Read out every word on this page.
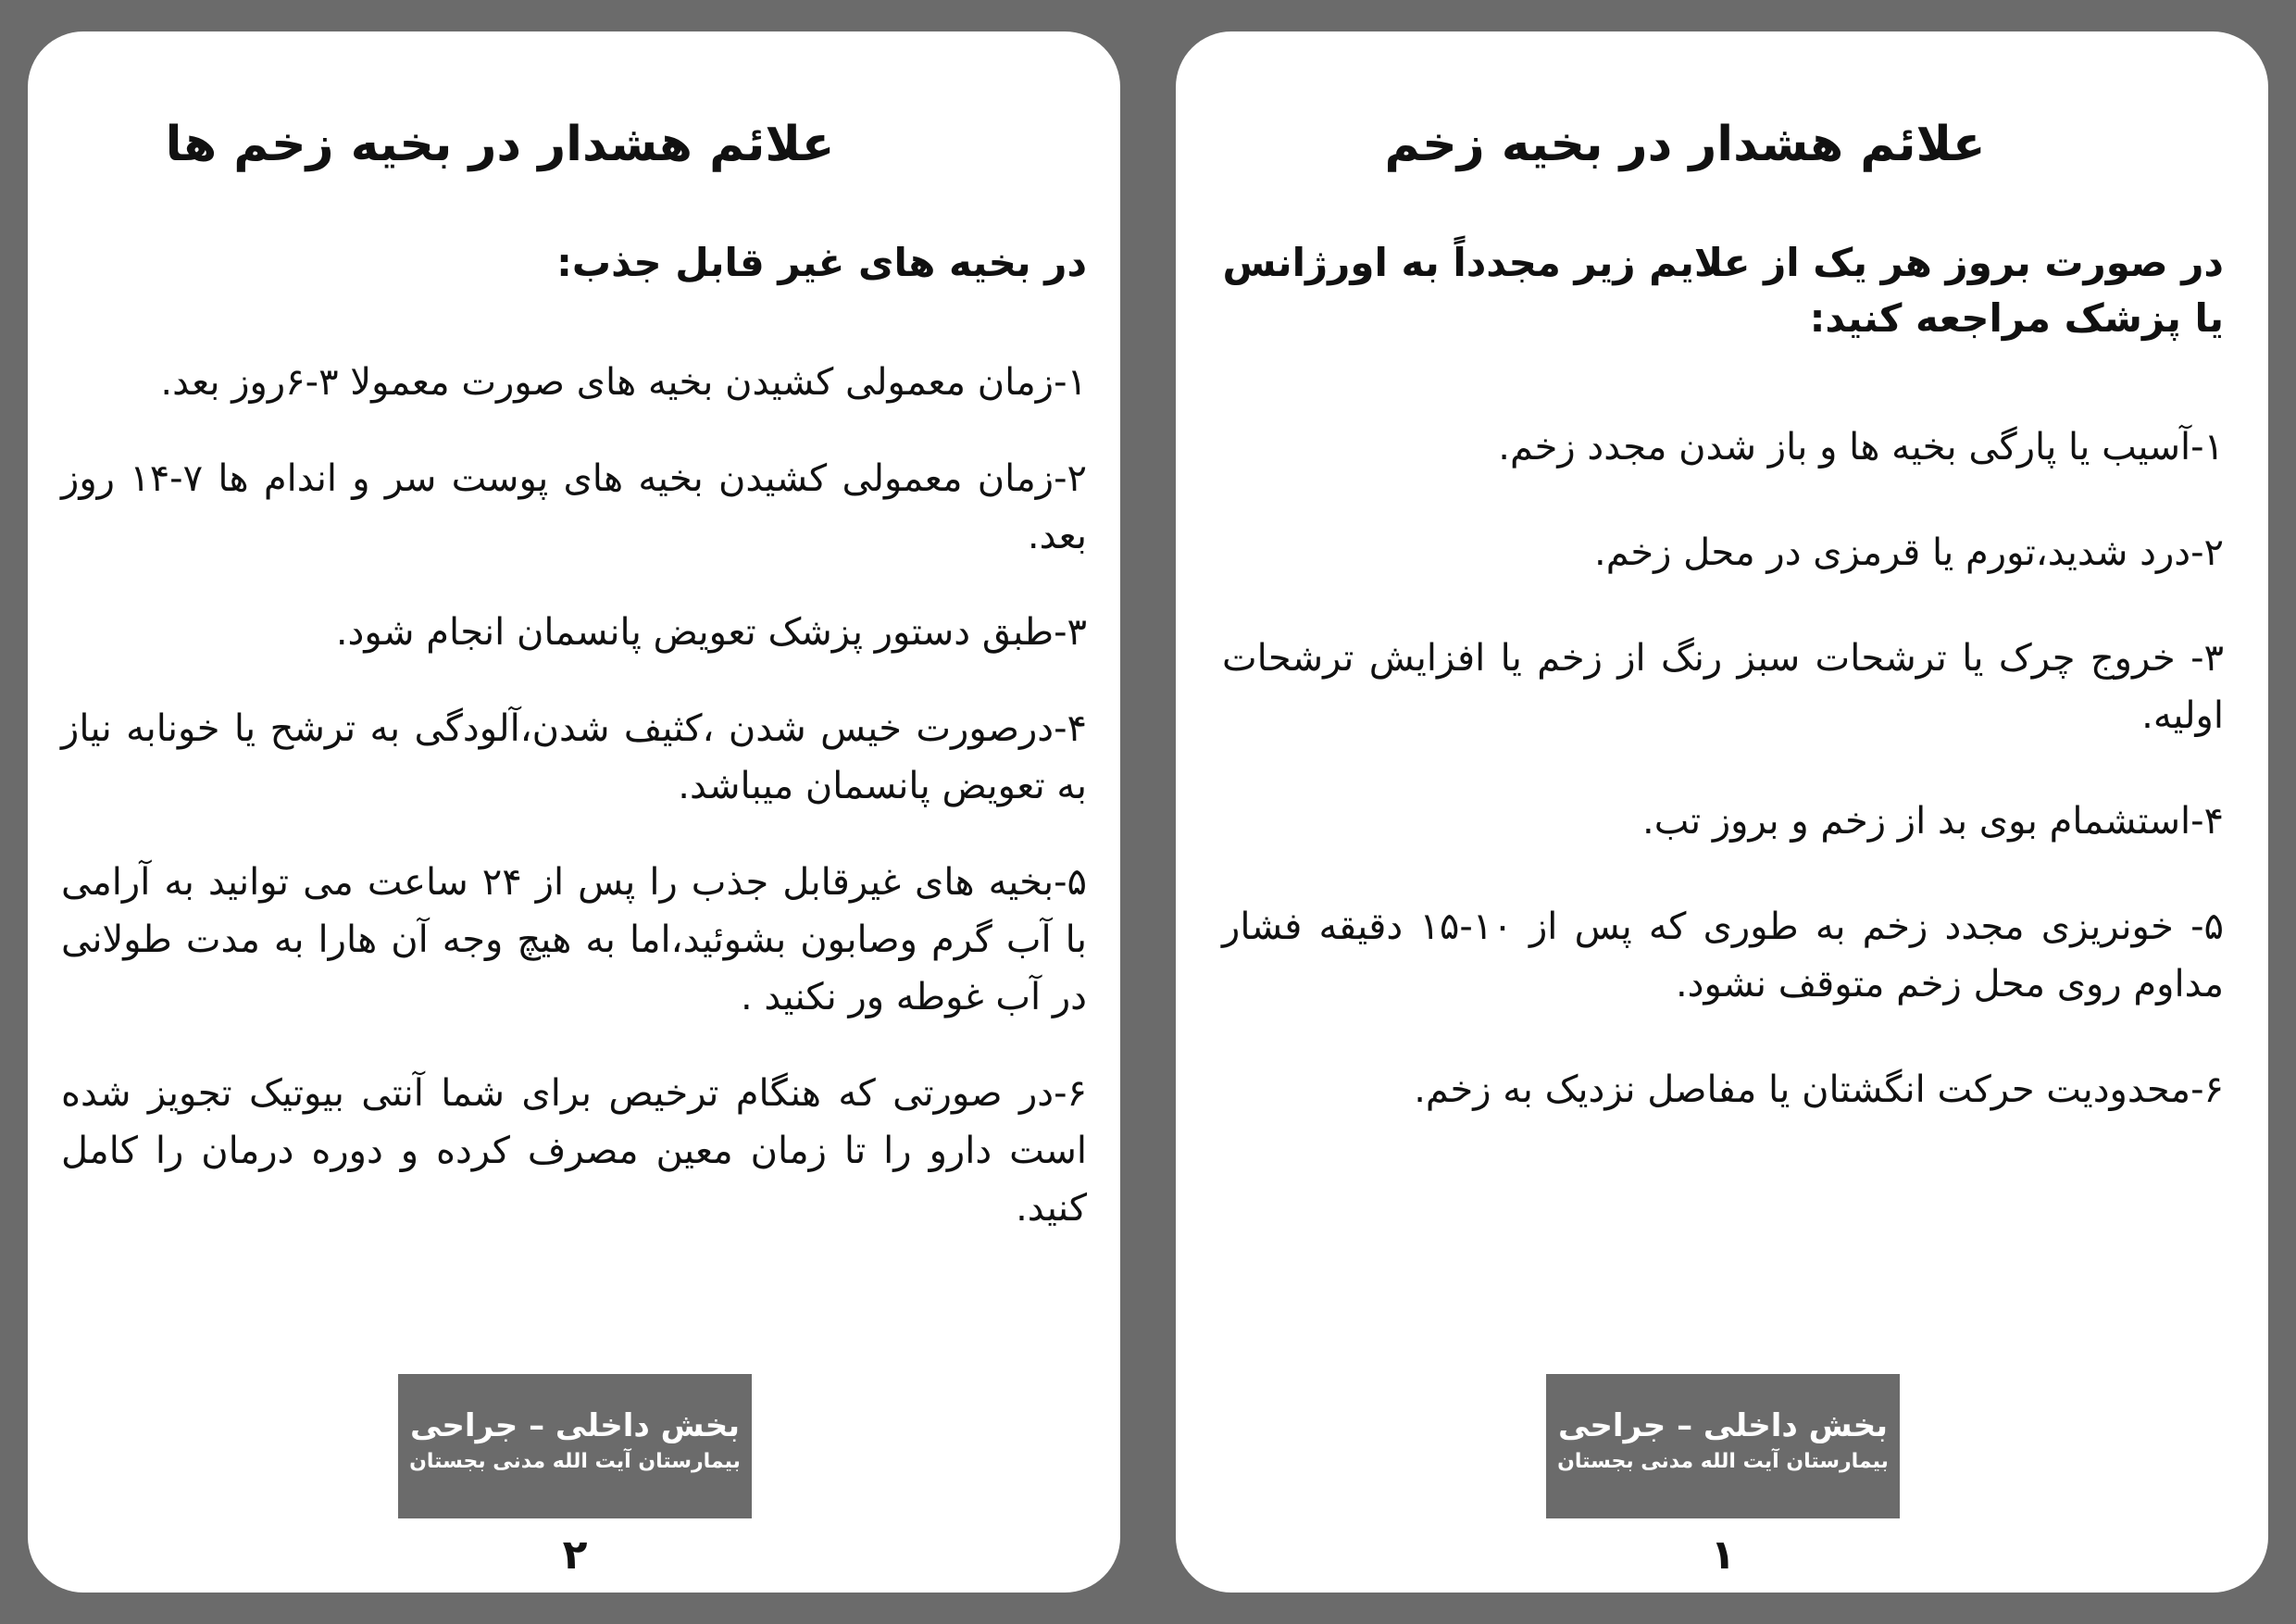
علائم هشدار در بخیه زخم ها
در بخیه های غیر قابل جذب:
۱-زمان معمولی کشیدن بخیه های صورت معمولا ۳-۶روز بعد.
۲-زمان معمولی کشیدن بخیه های پوست سر و اندام ها ۷-۱۴ روز بعد.
۳-طبق دستور پزشک تعویض پانسمان انجام شود.
۴-درصورت خیس شدن ،کثیف شدن،آلودگی به ترشح یا خونابه نیاز به تعویض پانسمان میباشد.
۵-بخیه های غیرقابل جذب را پس از ۲۴ ساعت می توانید به آرامی با آب گرم وصابون بشوئید،اما به هیچ وجه آن هارا به مدت طولانی در آب غوطه ور نکنید .
۶-در صورتی که هنگام ترخیص برای شما آنتی بیوتیک تجویز شده است دارو را تا زمان معین مصرف کرده و دوره درمان را کامل کنید.
بخش داخلی – جراحی
بیمارستان آیت الله مدنی بجستان
۲
علائم هشدار در بخیه زخم
در صورت بروز هر یک از علایم زیر مجدداً به اورژانس یا پزشک مراجعه کنید:
۱-آسیب یا پارگی بخیه ها و باز شدن مجدد زخم.
۲-درد شدید،تورم یا قرمزی در محل زخم.
۳- خروج چرک یا ترشحات سبز رنگ از زخم یا افزایش ترشحات اولیه.
۴-استشمام بوی بد از زخم و بروز تب.
۵- خونریزی مجدد زخم به طوری که پس از ۱۰-۱۵ دقیقه فشار مداوم روی محل زخم متوقف نشود.
۶-محدودیت حرکت انگشتان یا مفاصل نزدیک به زخم.
بخش داخلی – جراحی
بیمارستان آیت الله مدنی بجستان
۱
